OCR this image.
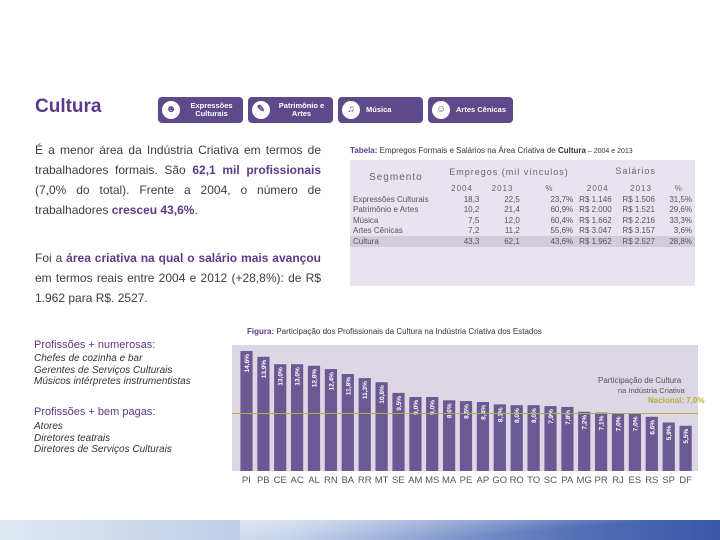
Cultura	☻	Expressões Culturais	✎	Patrimônio e Artes	♫	Música	☺	Artes Cênicas
É a menor área da Indústria Criativa em termos de trabalhadores formais. São 62,1 mil profissionais (7,0% do total). Frente a 2004, o número de trabalhadores cresceu 43,6%.
Foi a área criativa na qual o salário mais avançou em termos reais entre 2004 e 2012 (+28,8%): de R$ 1.962 para R$. 2527.
Profissões + numerosas:
Chefes de cozinha e bar
Gerentes de Serviços Culturais
Músicos intérpretes instrumentistas
Profissões + bem pagas:
Atores
Diretores teatrais
Diretores de Serviços Culturais
Tabela: Empregos Formais e Salários na Área Criativa de Cultura – 2004 e 2013
Segmento	Empregos (mil vínculos)			Salários		
	2004	2013	%	2004	2013	%
Expressões Culturais	18,3	22,5	23,7%	R$ 1.146	R$ 1.506	31,5%
Patrimônio e Artes	10,2	21,4	60,9%	R$ 2.000	R$ 1.521	29,6%
Música	7,5	12,0	60,4%	R$ 1.662	R$ 2.216	33,3%
Artes Cênicas	7,2	11,2	55,6%	R$ 3.047	R$ 3.157	3,6%
Cultura	43,3	62,1	43,6%	R$ 1.962	R$ 2.527	28,8%
Figura: Participação dos Profissionais da Cultura na Indústria Criativa dos Estados
Participação de Cultura
na Indústria Criativa
Nacional: 7,0%
14,6%
PI
13,9%
PB
13,0%
CE
13,0%
AC
12,8%
AL
12,4%
RN
11,8%
BA
11,3%
RR
10,8%
MT
9,5%
SE
9,0%
AM
9,0%
MS
8,6%
MA
8,5%
PE
8,4%
AP
8,1%
GO
8,0%
RO
8,0%
TO
7,9%
SC
7,8%
PA
7,2%
MG
7,1%
PR
7,0%
RJ
7,0%
ES
6,6%
RS
5,9%
SP
5,5%
DF
